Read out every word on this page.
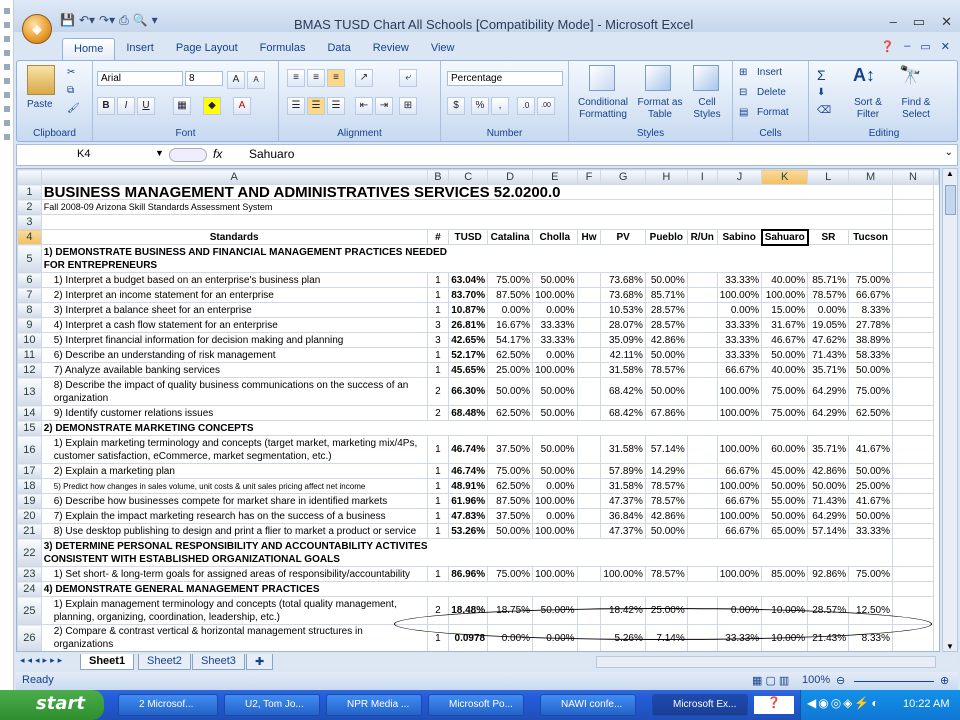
💾 ↶▾ ↷▾ ⎙ 🔍 ▾	BMAS TUSD Chart All Schools [Compatibility Mode] - Microsoft Excel	– ▭ ✕
◈
Home	Insert	Page Layout	Formulas	Data	Review	View	❓ – ▭ ✕
Paste
✂
⧉
🖌
Clipboard
Arial	8	A	A
B	I	U	▦	◆	A
Font
≡	≡	≡	↗	⤶
☰	☰	☰	⇤	⇥	⊞
Alignment
Percentage
$	%	,	.0	.00
Number
Conditional Formatting
Format as Table
Cell Styles
Styles
⊞ Insert
⊟ Delete
▤ Format
Cells
Σ
⬇
⌫
A↕ 🔭
Sort & Filter
Find & Select
Editing
K4	▼	fx Sahuaro	⌄
	A	B	C	D	E	F	G	H	I	J	K	L	M	N	
1	BUSINESS MANAGEMENT AND ADMINISTRATIVES SERVICES 52.0200.0														
2	Fall 2008-09 Arizona Skill Standards Assessment System														
3															
4	Standards	#	TUSD	Catalina	Cholla	Hw	PV	Pueblo	R/Un	Sabino	Sahuaro	SR	Tucson		
5	1) DEMONSTRATE BUSINESS AND FINANCIAL MANAGEMENT PRACTICES NEEDED
FOR ENTREPRENEURS														
6	1) Interpret a budget based on an enterprise's business plan	1	63.04%	75.00%	50.00%		73.68%	50.00%		33.33%	40.00%	85.71%	75.00%		
7	2) Interpret an income statement for an enterprise	1	83.70%	87.50%	100.00%		73.68%	85.71%		100.00%	100.00%	78.57%	66.67%		
8	3) Interpret a balance sheet for an enterprise	1	10.87%	0.00%	0.00%		10.53%	28.57%		0.00%	15.00%	0.00%	8.33%		
9	4) Interpret a cash flow statement for an enterprise	3	26.81%	16.67%	33.33%		28.07%	28.57%		33.33%	31.67%	19.05%	27.78%		
10	5) Interpret financial information for decision making and planning	3	42.65%	54.17%	33.33%		35.09%	42.86%		33.33%	46.67%	47.62%	38.89%		
11	6) Describe an understanding of risk management	1	52.17%	62.50%	0.00%		42.11%	50.00%		33.33%	50.00%	71.43%	58.33%		
12	7) Analyze available banking services	1	45.65%	25.00%	100.00%		31.58%	78.57%		66.67%	40.00%	35.71%	50.00%		
13	8) Describe the impact of quality business communications on the success of an
organization	2	66.30%	50.00%	50.00%		68.42%	50.00%		100.00%	75.00%	64.29%	75.00%		
14	9) Identify customer relations issues	2	68.48%	62.50%	50.00%		68.42%	67.86%		100.00%	75.00%	64.29%	62.50%		
15	2) DEMONSTRATE MARKETING CONCEPTS														
16	1) Explain marketing terminology and concepts (target market, marketing mix/4Ps,
customer satisfaction, eCommerce, market segmentation, etc.)	1	46.74%	37.50%	50.00%		31.58%	57.14%		100.00%	60.00%	35.71%	41.67%		
17	2) Explain a marketing plan	1	46.74%	75.00%	50.00%		57.89%	14.29%		66.67%	45.00%	42.86%	50.00%		
18	5) Predict how changes in sales volume, unit costs & unit sales pricing affect net income	1	48.91%	62.50%	0.00%		31.58%	78.57%		100.00%	50.00%	50.00%	25.00%		
19	6) Describe how businesses compete for market share in identified markets	1	61.96%	87.50%	100.00%		47.37%	78.57%		66.67%	55.00%	71.43%	41.67%		
20	7) Explain the impact marketing research has on the success of a business	1	47.83%	37.50%	0.00%		36.84%	42.86%		100.00%	50.00%	64.29%	50.00%		
21	8) Use desktop publishing to design and print a flier to market a product or service	1	53.26%	50.00%	100.00%		47.37%	50.00%		66.67%	65.00%	57.14%	33.33%		
22	3) DETERMINE PERSONAL RESPONSIBILITY AND ACCOUNTABILITY ACTIVITES
CONSISTENT WITH ESTABLISHED ORGANIZATIONAL GOALS														
23	1) Set short- & long-term goals for assigned areas of responsibility/accountability	1	86.96%	75.00%	100.00%		100.00%	78.57%		100.00%	85.00%	92.86%	75.00%		
24	4) DEMONSTRATE GENERAL MANAGEMENT PRACTICES														
25	1) Explain management terminology and concepts (total quality management,
planning, organizing, coordination, leadership, etc.)	2	18.48%	18.75%	50.00%		18.42%	25.00%		0.00%	10.00%	28.57%	12.50%		
26	2) Compare & contrast vertical & horizontal management structures in organizations	1	0.0978	0.00%	0.00%		5.26%	7.14%		33.33%	10.00%	21.43%	8.33%		

▲
▼
◂◂◂▸▸▸	Sheet1	Sheet2	Sheet3	✚
Ready	▦ ▢ ▥ 100% ⊖	⊕
start	2 Microsof...	U2, Tom Jo...	NPR Media ...	Microsoft Po...	NAWI confe...	Microsoft Ex...	❓	◀◉◎◈⚡◐ 10:22 AM
